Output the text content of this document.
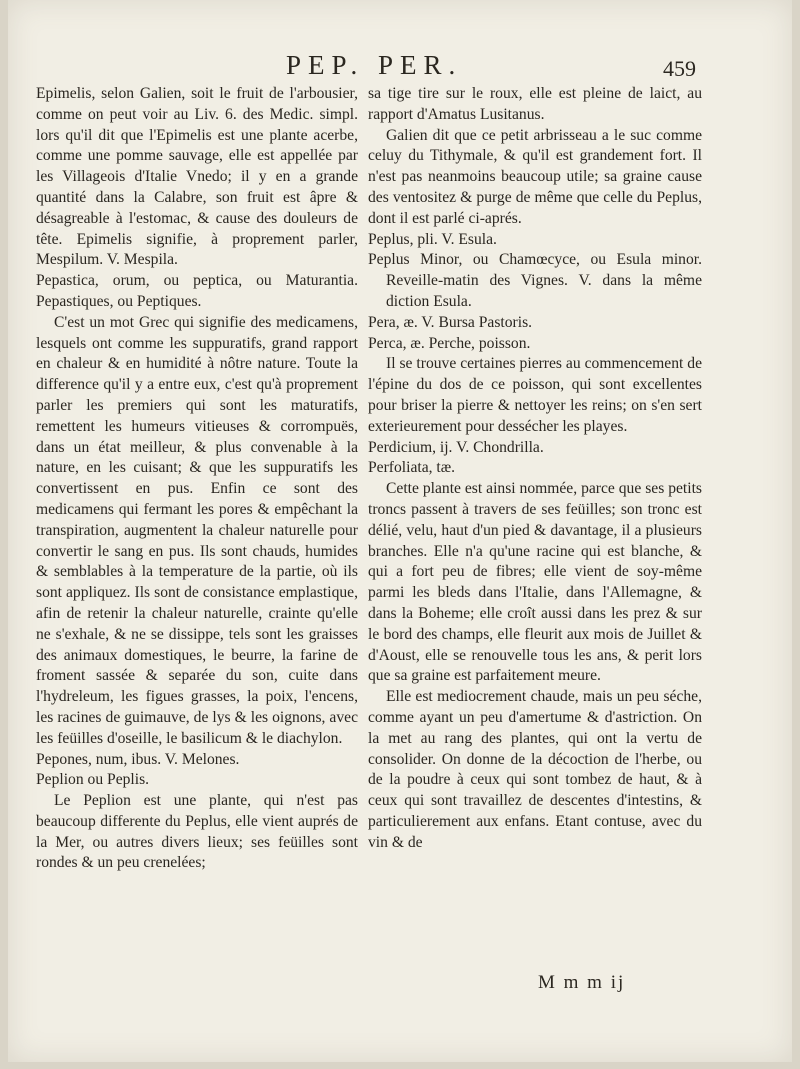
PEP. PER.	459

Epimelis, selon Galien, soit le fruit de l'arbousier, comme on peut voir au Liv. 6. des Medic. simpl. lors qu'il dit que l'Epimelis est une plante acerbe, comme une pomme sauvage, elle est appellée par les Villageois d'Italie Vnedo; il y en a grande quantité dans la Calabre, son fruit est âpre & désagreable à l'estomac, & cause des douleurs de tête. Epimelis signifie, à proprement parler, Mespilum. V. Mespila.

Pepastica, orum, ou peptica, ou Maturantia. Pepastiques, ou Peptiques.

C'est un mot Grec qui signifie des medicamens, lesquels ont comme les suppuratifs, grand rapport en chaleur & en humidité à nôtre nature. Toute la difference qu'il y a entre eux, c'est qu'à proprement parler les premiers qui sont les maturatifs, remettent les humeurs vitieuses & corrompuës, dans un état meilleur, & plus convenable à la nature, en les cuisant; & que les suppuratifs les convertissent en pus. Enfin ce sont des medicamens qui fermant les pores & empêchant la transpiration, augmentent la chaleur naturelle pour convertir le sang en pus. Ils sont chauds, humides & semblables à la temperature de la partie, où ils sont appliquez. Ils sont de consistance emplastique, afin de retenir la chaleur naturelle, crainte qu'elle ne s'exhale, & ne se dissippe, tels sont les graisses des animaux domestiques, le beurre, la farine de froment sassée & separée du son, cuite dans l'hydreleum, les figues grasses, la poix, l'encens, les racines de guimauve, de lys & les oignons, avec les feüilles d'oseille, le basilicum & le diachylon.

Pepones, num, ibus. V. Melones.

Peplion ou Peplis.

Le Peplion est une plante, qui n'est pas beaucoup differente du Peplus, elle vient auprés de la Mer, ou autres divers lieux; ses feüilles sont rondes & un peu crenelées;

sa tige tire sur le roux, elle est pleine de laict, au rapport d'Amatus Lusitanus.

Galien dit que ce petit arbrisseau a le suc comme celuy du Tithymale, & qu'il est grandement fort. Il n'est pas neanmoins beaucoup utile; sa graine cause des ventositez & purge de même que celle du Peplus, dont il est parlé ci-aprés.

Peplus, pli. V. Esula.

Peplus Minor, ou Chamœcyce, ou Esula minor. Reveille-matin des Vignes. V. dans la même diction Esula.

Pera, æ. V. Bursa Pastoris.

Perca, æ. Perche, poisson.

Il se trouve certaines pierres au commencement de l'épine du dos de ce poisson, qui sont excellentes pour briser la pierre & nettoyer les reins; on s'en sert exterieurement pour dessécher les playes.

Perdicium, ij. V. Chondrilla.

Perfoliata, tæ.

Cette plante est ainsi nommée, parce que ses petits troncs passent à travers de ses feüilles; son tronc est délié, velu, haut d'un pied & davantage, il a plusieurs branches. Elle n'a qu'une racine qui est blanche, & qui a fort peu de fibres; elle vient de soy-même parmi les bleds dans l'Italie, dans l'Allemagne, & dans la Boheme; elle croît aussi dans les prez & sur le bord des champs, elle fleurit aux mois de Juillet & d'Aoust, elle se renouvelle tous les ans, & perit lors que sa graine est parfaitement meure.

Elle est mediocrement chaude, mais un peu séche, comme ayant un peu d'amertume & d'astriction. On la met au rang des plantes, qui ont la vertu de consolider. On donne de la décoction de l'herbe, ou de la poudre à ceux qui sont tombez de haut, & à ceux qui sont travaillez de descentes d'intestins, & particulierement aux enfans. Etant contuse, avec du vin & de

M m m ij
